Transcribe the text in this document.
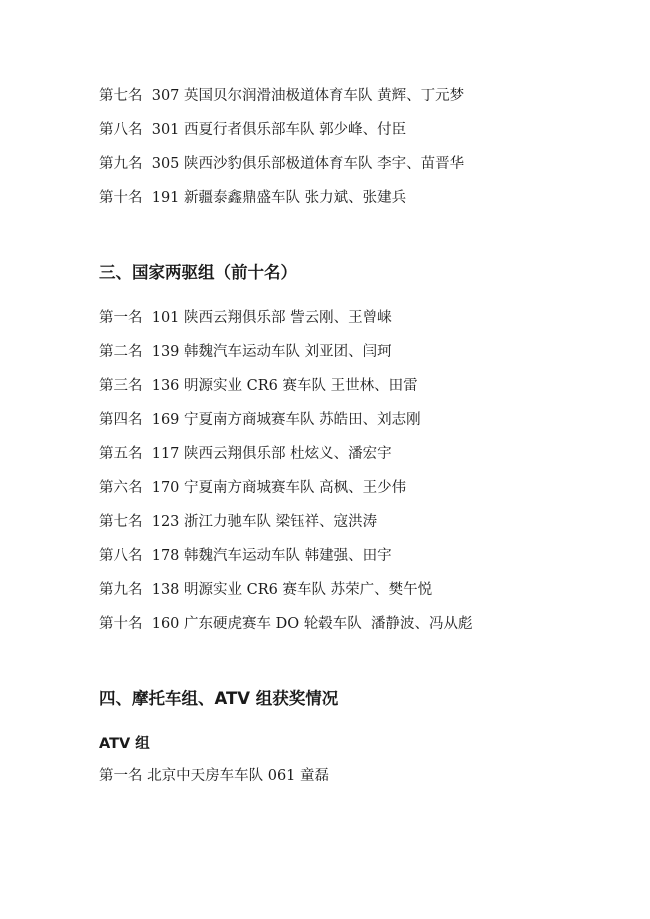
第七名  307 英国贝尔润滑油极道体育车队 黄辉、丁元梦
第八名  301 西夏行者俱乐部车队 郭少峰、付臣
第九名  305 陕西沙豹俱乐部极道体育车队 李宇、苗晋华
第十名  191 新疆泰鑫鼎盛车队 张力斌、张建兵
三、国家两驱组（前十名）
第一名  101 陕西云翔俱乐部 訾云刚、王曾崃
第二名  139 韩魏汽车运动车队 刘亚团、闫珂
第三名  136 明源实业 CR6 赛车队 王世林、田雷
第四名  169 宁夏南方商城赛车队 苏皓田、刘志刚
第五名  117 陕西云翔俱乐部 杜炫义、潘宏宇
第六名  170 宁夏南方商城赛车队 高枫、王少伟
第七名  123 浙江力驰车队 梁钰祥、寇洪涛
第八名  178 韩魏汽车运动车队 韩建强、田宇
第九名  138 明源实业 CR6 赛车队 苏荣广、樊午悦
第十名  160 广东硬虎赛车 DO 轮毂车队  潘静波、冯从彪
四、摩托车组、ATV 组获奖情况
ATV 组
第一名 北京中天房车车队 061 童磊
